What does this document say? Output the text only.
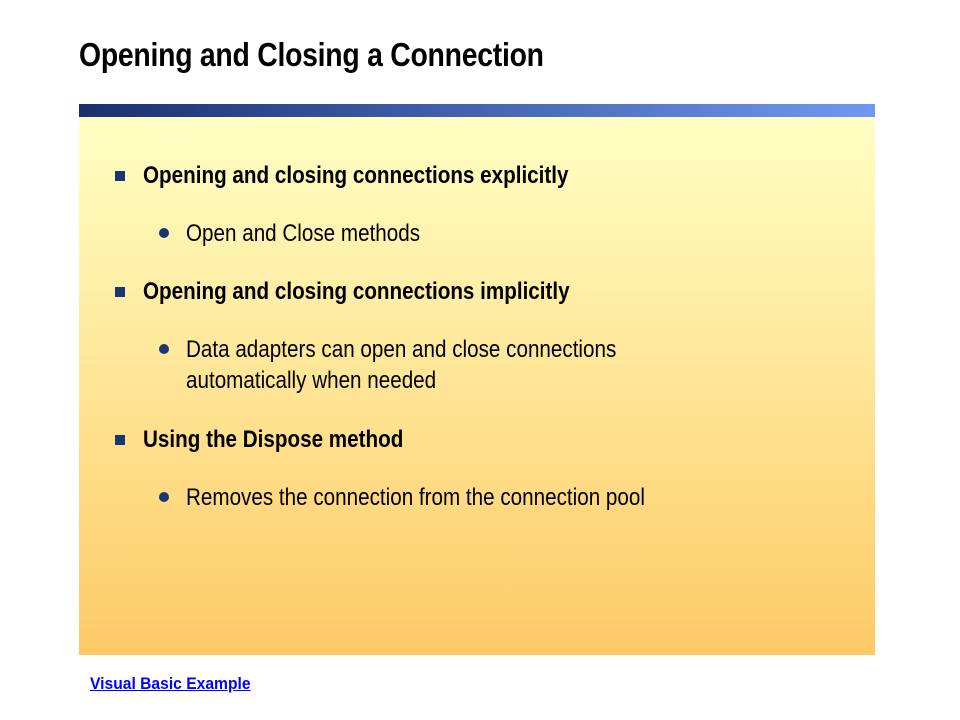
Opening and Closing a Connection
Opening and closing connections explicitly
Open and Close methods
Opening and closing connections implicitly
Data adapters can open and close connections
automatically when needed
Using the Dispose method
Removes the connection from the connection pool
Visual Basic Example
